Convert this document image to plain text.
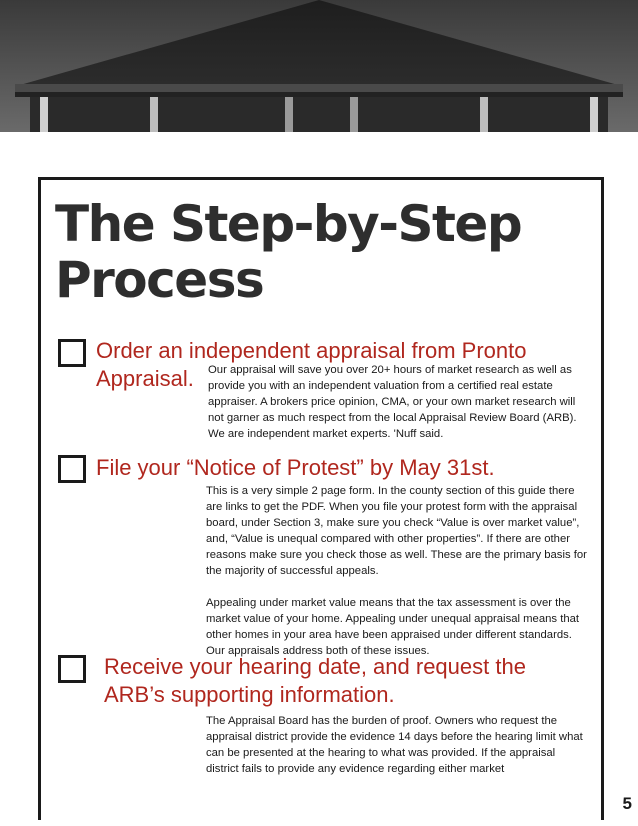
The Step-by-Step Process

Order an independent appraisal from Pronto

Appraisal. Our appraisal will save you over 20+ hours of market research as well as provide you with an independent valuation from a certified real estate appraiser. A brokers price opinion, CMA, or your own market research will not garner as much respect from the local Appraisal Review Board (ARB). We are independent market experts. 'Nuff said.

File your “Notice of Protest” by May 31st.

This is a very simple 2 page form. In the county section of this guide there are links to get the PDF. When you file your protest form with the appraisal board, under Section 3, make sure you check “Value is over market value”, and, “Value is unequal compared with other properties”. If there are other reasons make sure you check those as well. These are the primary basis for the majority of successful appeals.

Appealing under market value means that the tax assessment is over the market value of your home. Appealing under unequal appraisal means that other homes in your area have been appraised under different standards. Our appraisals address both of these issues.

Receive your hearing date, and request the

ARB’s supporting information.

The Appraisal Board has the burden of proof. Owners who request the appraisal district provide the evidence 14 days before the hearing limit what can be presented at the hearing to what was provided. If the appraisal district fails to provide any evidence regarding either market

5
